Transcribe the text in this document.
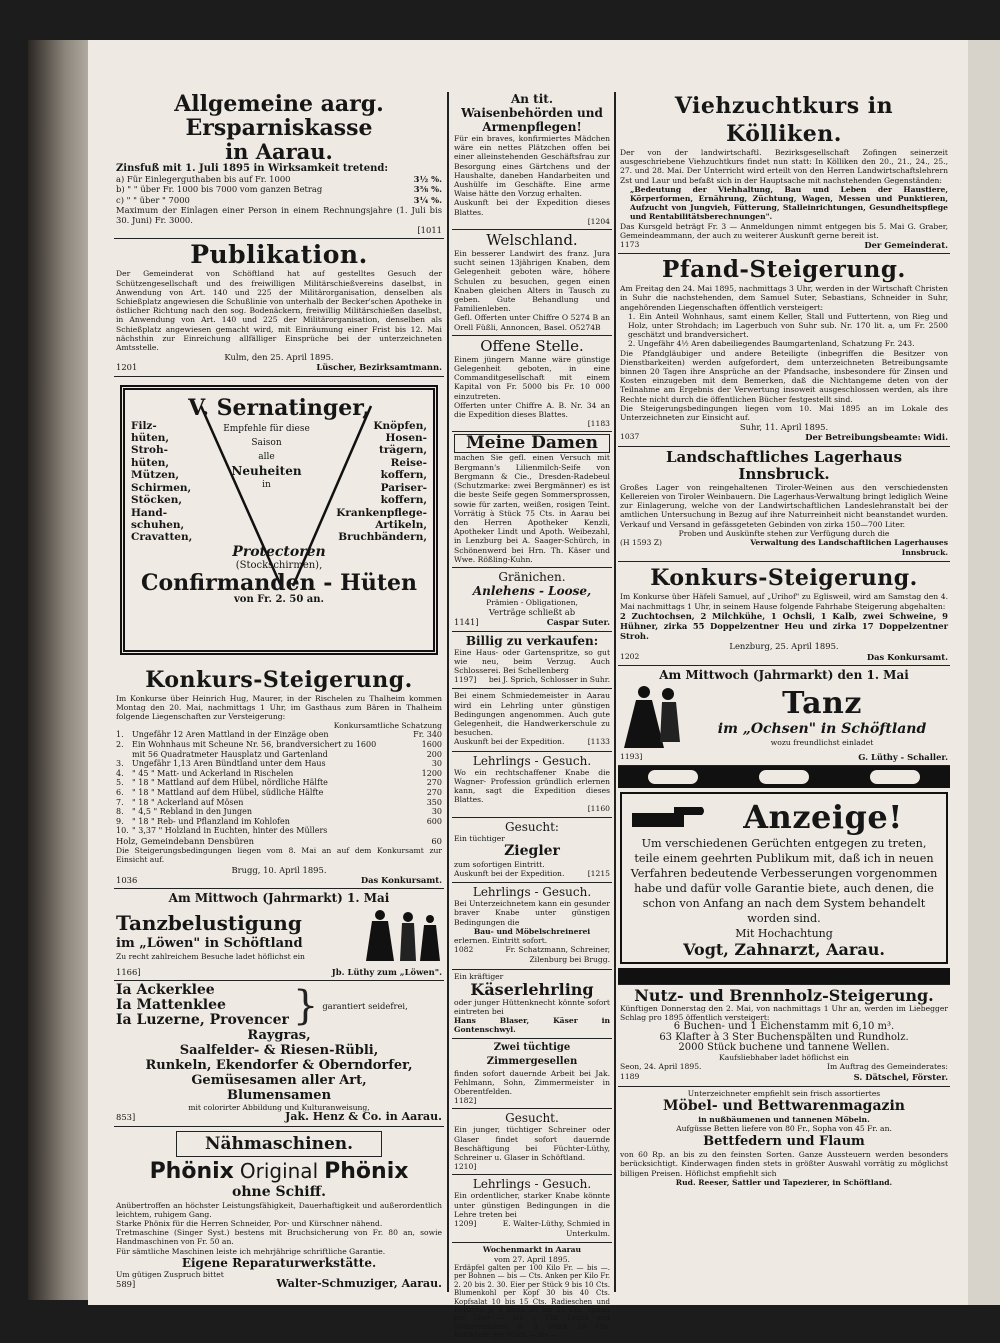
Allgemeine aarg. Ersparniskasse
in Aarau.
Zinsfuß mit 1. Juli 1895 in Wirksamkeit tretend:
a) Für Einlegerguthaben bis auf Fr. 1000	3½ %.
b) " " über Fr. 1000 bis 7000 vom ganzen Betrag	3⅜ %.
c) " " über " 7000	3¼ %.
Maximum der Einlagen einer Person in einem Rechnungsjahre (1. Juli bis 30. Juni) Fr. 3000.
[1011
Publikation.
Der Gemeinderat von Schöftland hat auf gestelltes Gesuch der Schützengesellschaft und des freiwilligen Militärschießvereins daselbst, in Anwendung von Art. 140 und 225 der Militärorganisation, denselben als Schießplatz angewiesen die Schußlinie von unterhalb der Becker'schen Apotheke in östlicher Richtung nach den sog. Bodenäckern, freiwillig Militärschießen daselbst, in Anwendung von Art. 140 und 225 der Militärorganisation, denselben als Schießplatz angewiesen gemacht wird, mit Einräumung einer Frist bis 12. Mai nächsthin zur Einreichung allfälliger Einsprüche bei der unterzeichneten Amtsstelle.
Kulm, den 25. April 1895.
1201	Lüscher, Bezirksamtmann.
V. Sernatinger,
Filz-
hüten,
Stroh-
hüten,
Mützen,
Schirmen,
Stöcken,
Hand-
schuhen,
Cravatten,
Empfehle für diese
Saison
alle
Neuheiten
in
Knöpfen,
Hosen-
trägern,
Reise-
koffern,
Pariser-
koffern,
Krankenpflege-
Artikeln,
Bruchbändern,
Protectoren
(Stockschirmen),
Confirmanden - Hüten
von Fr. 2. 50 an.
Konkurs-Steigerung.
Im Konkurse über Heinrich Hug, Maurer, in der Rischelen zu Thalheim kommen Montag den 20. Mai, nachmittags 1 Uhr, im Gasthaus zum Bären in Thalheim folgende Liegenschaften zur Versteigerung:
Konkursamtliche Schatzung
1.	Ungefähr 12 Aren Mattland in der Einzäge oben	Fr. 340
2.	Ein Wohnhaus mit Scheune Nr. 56, brandversichert zu 1600	1600
	mit 56 Quadratmeter Hausplatz und Gartenland	200
3.	Ungefähr 1,13 Aren Bündtland unter dem Haus	30
4.	" 45 " Matt- und Ackerland in Rischelen	1200
5.	" 18 " Mattland auf dem Hübel, nördliche Hälfte	270
6.	" 18 " Mattland auf dem Hübel, südliche Hälfte	270
7.	" 18 " Ackerland auf Mösen	350
8.	" 4,5 " Rebland in den Jungen	30
9.	" 18 " Reb- und Pflanzland im Kohlofen	600
10.	" 3,37 " Holzland in Euchten, hinter des Müllers	
Holz, Gemeindebann Densbüren	60
Die Steigerungsbedingungen liegen vom 8. Mai an auf dem Konkursamt zur Einsicht auf.
Brugg, 10. April 1895.
1036	Das Konkursamt.
Am Mittwoch (Jahrmarkt) 1. Mai
Tanzbelustigung
im „Löwen" in Schöftland
Zu recht zahlreichem Besuche ladet höflichst ein
1166]	Jb. Lüthy zum „Löwen".
Ia Ackerklee
Ia Mattenklee
Ia Luzerne, Provencer } garantiert seidefrei,
Raygras,
Saalfelder- & Riesen-Rübli,
Runkeln, Ekendorfer & Oberndorfer,
Gemüsesamen aller Art,
Blumensamen
mit colorirter Abbildung und Kulturanweisung,
853]	Jak. Henz & Co. in Aarau.
Nähmaschinen.
Phönix Original Phönix
ohne Schiff.
Anübertroffen an höchster Leistungsfähigkeit, Dauerhaftigkeit und außerordentlich leichtem, ruhigem Gang.
Starke Phönix für die Herren Schneider, Por- und Kürschner nähend.
Tretmaschine (Singer Syst.) bestens mit Bruchsicherung von Fr. 80 an, sowie Handmaschinen von Fr. 50 an.
Für sämtliche Maschinen leiste ich mehrjährige schriftliche Garantie.
Eigene Reparaturwerkstätte.
Um gütigen Zuspruch bittet
589]	Walter-Schmuziger, Aarau.
An tit. Waisenbehörden und Armenpflegen!
Für ein braves, konfirmiertes Mädchen wäre ein nettes Plätzchen offen bei einer alleinstehenden Geschäftsfrau zur Besorgung eines Gärtchens und der Haushalte, daneben Handarbeiten und Aushülfe im Geschäfte. Eine arme Waise hätte den Vorzug erhalten.
Auskunft bei der Expedition dieses Blattes.
[1204
Welschland.
Ein besserer Landwirt des franz. Jura sucht seinen 13jährigen Knaben, dem Gelegenheit geboten wäre, höhere Schulen zu besuchen, gegen einen Knaben gleichen Alters in Tausch zu geben. Gute Behandlung und Familienleben.
Gefl. Offerten unter Chiffre O 5274 B an Orell Füßli, Annoncen, Basel. O5274B
Offene Stelle.
Einem jüngern Manne wäre günstige Gelegenheit geboten, in eine Commanditgesellschaft mit einem Kapital von Fr. 5000 bis Fr. 10 000 einzutreten.
Offerten unter Chiffre A. B. Nr. 34 an die Expedition dieses Blattes.
[1183
Meine Damen
machen Sie gefl. einen Versuch mit Bergmann's Lilienmilch-Seife von Bergmann & Cie., Dresden-Radebeul (Schutzmarke: zwei Bergmänner) es ist die beste Seife gegen Sommersprossen, sowie für zarten, weißen, rosigen Teint. Vorrätig à Stück 75 Cts. in Aarau bei den Herren Apotheker Kenzli, Apotheker Lindt und Apoth. Weibezahl, in Lenzburg bei A. Saager-Schürch, in Schönenwerd bei Hrn. Th. Käser und Wwe. Rößling-Kuhn.
Gränichen.
Anlehens - Loose,
Prämien - Obligationen,
Verträge schließt ab
1141]	Caspar Suter.
Billig zu verkaufen:
Eine Haus- oder Gartenspritze, so gut wie neu, beim Verzug. Auch Schlosserei. Bei Schellenberg
1197] bei J. Sprich, Schlosser in Suhr.
Bei einem Schmiedemeister in Aarau wird ein Lehrling unter günstigen Bedingungen angenommen. Auch gute Gelegenheit, die Handwerkerschule zu besuchen.
Auskunft bei der Expedition.	[1133
Lehrlings - Gesuch.
Wo ein rechtschaffener Knabe die Wagner- Profession gründlich erlernen kann, sagt die Expedition dieses Blattes.
[1160
Gesucht:
Ein tüchtiger
Ziegler
zum sofortigen Eintritt.
Auskunft bei der Expedition.	[1215
Lehrlings - Gesuch.
Bei Unterzeichnetem kann ein gesunder braver Knabe unter günstigen Bedingungen die
Bau- und Möbelschreinerei
erlernen. Eintritt sofort.
1082	Fr. Schatzmann, Schreiner, Zilenburg bei Brugg.
Ein kräftiger
Käserlehrling
oder junger Hüttenknecht könnte sofort eintreten bei
Hans Blaser, Käser in Gontenschwyl.
Zwei tüchtige Zimmergesellen
finden sofort dauernde Arbeit bei Jak. Fehlmann, Sohn, Zimmermeister in Oberentfelden.
1182]
Gesucht.
Ein junger, tüchtiger Schreiner oder Glaser findet sofort dauernde Beschäftigung bei Füchter-Lüthy, Schreiner u. Glaser in Schöftland.
1210]
Lehrlings - Gesuch.
Ein ordentlicher, starker Knabe könnte unter günstigen Bedingungen in die Lehre treten bei
1209]	E. Walter-Lüthy, Schmied in Unterkulm.
Wochenmarkt in Aarau
vom 27. April 1895.
Erdäpfel galten per 100 Kilo Fr. — bis —. per Bohnen — bis — Cts. Anken per Kilo Fr. 2. 20 bis 2. 30. Eier per Stück 9 bis 10 Cts. Blumenkohl per Kopf 30 bis 40 Cts. Kopfsalat 10 bis 15 Cts. Radieschen und Rettiche je 3 Bund 20 bis 25 Cts. Spinat per Liter — bis — Cts. Lauch und Sellerieknollen je 3 Stück 10 Cts. Kohlköpfe per Stück — bis —.
Viehzuchtkurs in Kölliken.
Der von der landwirtschaftl. Bezirksgesellschaft Zofingen seinerzeit ausgeschriebene Viehzuchtkurs findet nun statt: In Kölliken den 20., 21., 24., 25., 27. und 28. Mai. Der Unterricht wird erteilt von den Herren Landwirtschaftslehrern Zst und Laur und befaßt sich in der Hauptsache mit nachstehenden Gegenständen:
„Bedeutung der Viehhaltung, Bau und Leben der Haustiere, Körperformen, Ernährung, Züchtung, Wagen, Messen und Punktieren, Aufzucht von Jungvieh, Fütterung, Stalleinrichtungen, Gesundheitspflege und Rentabilitätsberechnungen".
Das Kursgeld beträgt Fr. 3 — Anmeldungen nimmt entgegen bis 5. Mai G. Graber, Gemeindeammann, der auch zu weiterer Auskunft gerne bereit ist.
1173	Der Gemeinderat.
Pfand-Steigerung.
Am Freitag den 24. Mai 1895, nachmittags 3 Uhr, werden in der Wirtschaft Christen in Suhr die nachstehenden, dem Samuel Suter, Sebastians, Schneider in Suhr, angehörenden Liegenschaften öffentlich versteigert:
1. Ein Anteil Wohnhaus, samt einem Keller, Stall und Futtertenn, von Rieg und Holz, unter Strohdach; im Lagerbuch von Suhr sub. Nr. 170 lit. a, um Fr. 2500 geschätzt und brandversichert.
2. Ungefähr 4½ Aren dabeiliegendes Baumgartenland, Schatzung Fr. 243.
Die Pfandgläubiger und andere Beteiligte (inbegriffen die Besitzer von Dienstbarkeiten) werden aufgefordert, dem unterzeichneten Betreibungsamte binnen 20 Tagen ihre Ansprüche an der Pfandsache, insbesondere für Zinsen und Kosten einzugeben mit dem Bemerken, daß die Nichtangeme deten von der Teilnahme am Ergebnis der Verwertung insoweit ausgeschlossen werden, als ihre Rechte nicht durch die öffentlichen Bücher festgestellt sind.
Die Steigerungsbedingungen liegen vom 10. Mai 1895 an im Lokale des Unterzeichneten zur Einsicht auf.
Suhr, 11. April 1895.
1037	Der Betreibungsbeamte: Widi.
Landschaftliches Lagerhaus Innsbruck.
Großes Lager von reingehaltenen Tiroler-Weinen aus den verschiedensten Kellereien von Tiroler Weinbauern. Die Lagerhaus-Verwaltung bringt lediglich Weine zur Einlagerung, welche von der Landwirtschaftlichen Landeslehranstalt bei der amtlichen Untersuchung in Bezug auf ihre Naturreinheit nicht beanstandet wurden. Verkauf und Versand in gefässgeteten Gebinden von zirka 150—700 Liter.
Proben und Auskünfte stehen zur Verfügung durch die
(H 1593 Z)	Verwaltung des Landschaftlichen Lagerhauses Innsbruck.
Konkurs-Steigerung.
Im Konkurse über Häfeli Samuel, auf „Urihof" zu Eglisweil, wird am Samstag den 4. Mai nachmittags 1 Uhr, in seinem Hause folgende Fahrhabe Steigerung abgehalten:
2 Zuchtochsen, 2 Milchkühe, 1 Ochsli, 1 Kalb, zwei Schweine, 9 Hühner, zirka 55 Doppelzentner Heu und zirka 17 Doppelzentner Stroh.
Lenzburg, 25. April 1895.
1202	Das Konkursamt.
Am Mittwoch (Jahrmarkt) den 1. Mai
Tanz
im „Ochsen" in Schöftland
wozu freundlichst einladet
1193]	G. Lüthy - Schaller.
Anzeige!
Um verschiedenen Gerüchten entgegen zu treten, teile einem geehrten Publikum mit, daß ich in neuen Verfahren bedeutende Verbesserungen vorgenommen habe und dafür volle Garantie biete, auch denen, die schon von Anfang an nach dem System behandelt worden sind.
Mit Hochachtung
Vogt, Zahnarzt, Aarau.
Nutz- und Brennholz-Steigerung.
Künftigen Donnerstag den 2. Mai, von nachmittags 1 Uhr an, werden im Liebegger Schlag pro 1895 öffentlich versteigert:
6 Buchen- und 1 Eichenstamm mit 6,10 m³.
63 Klafter à 3 Ster Buchenspälten und Rundholz.
2000 Stück buchene und tannene Wellen.
Kaufsliebhaber ladet höflichst ein
Seon, 24. April 1895.	Im Auftrag des Gemeinderates:
1189	S. Dätschel, Förster.
Unterzeichneter empfiehlt sein frisch assortiertes
Möbel- und Bettwarenmagazin
in nußbäumenen und tannenen Möbeln.
Aufgüsse Betten liefere von 80 Fr., Sopha von 45 Fr. an.
Bettfedern und Flaum
von 60 Rp. an bis zu den feinsten Sorten. Ganze Aussteuern werden besonders berücksichtigt. Kinderwagen finden stets in größter Auswahl vorrätig zu möglichst billigen Preisen. Höflichst empfiehlt sich
Rud. Reeser, Sattler und Tapezierer, in Schöftland.
